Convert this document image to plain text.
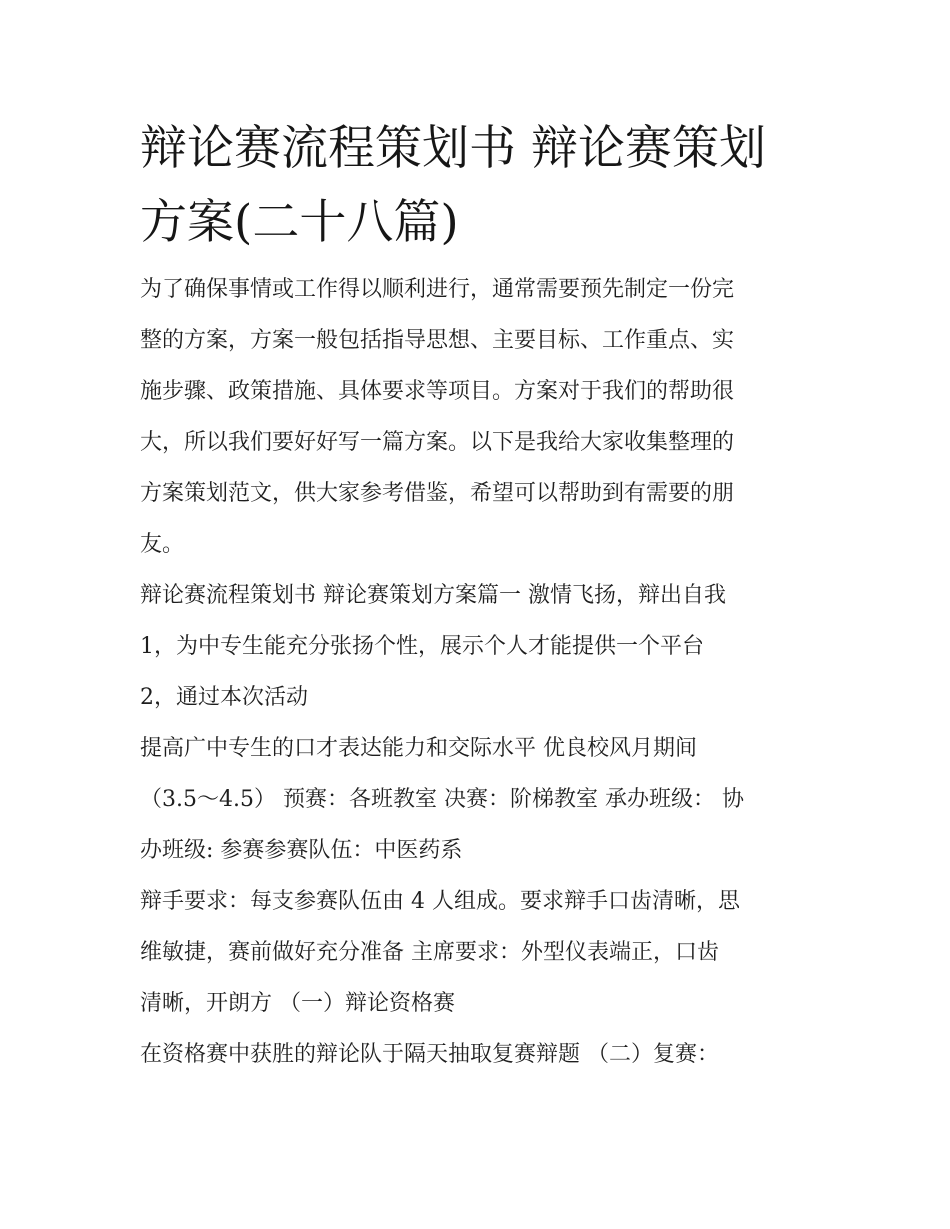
辩论赛流程策划书 辩论赛策划
方案(二十八篇)
为了确保事情或工作得以顺利进行，通常需要预先制定一份完
整的方案，方案一般包括指导思想、主要目标、工作重点、实
施步骤、政策措施、具体要求等项目。方案对于我们的帮助很
大，所以我们要好好写一篇方案。以下是我给大家收集整理的
方案策划范文，供大家参考借鉴，希望可以帮助到有需要的朋
友。
辩论赛流程策划书 辩论赛策划方案篇一 激情飞扬，辩出自我
1，为中专生能充分张扬个性，展示个人才能提供一个平台
2，通过本次活动
提高广中专生的口才表达能力和交际水平 优良校风月期间
（3.5～4.5） 预赛：各班教室 决赛：阶梯教室 承办班级： 协
办班级: 参赛参赛队伍：中医药系
辩手要求：每支参赛队伍由 4 人组成。要求辩手口齿清晰，思
维敏捷，赛前做好充分准备 主席要求：外型仪表端正，口齿
清晰，开朗方 （一）辩论资格赛
在资格赛中获胜的辩论队于隔天抽取复赛辩题 （二）复赛：
